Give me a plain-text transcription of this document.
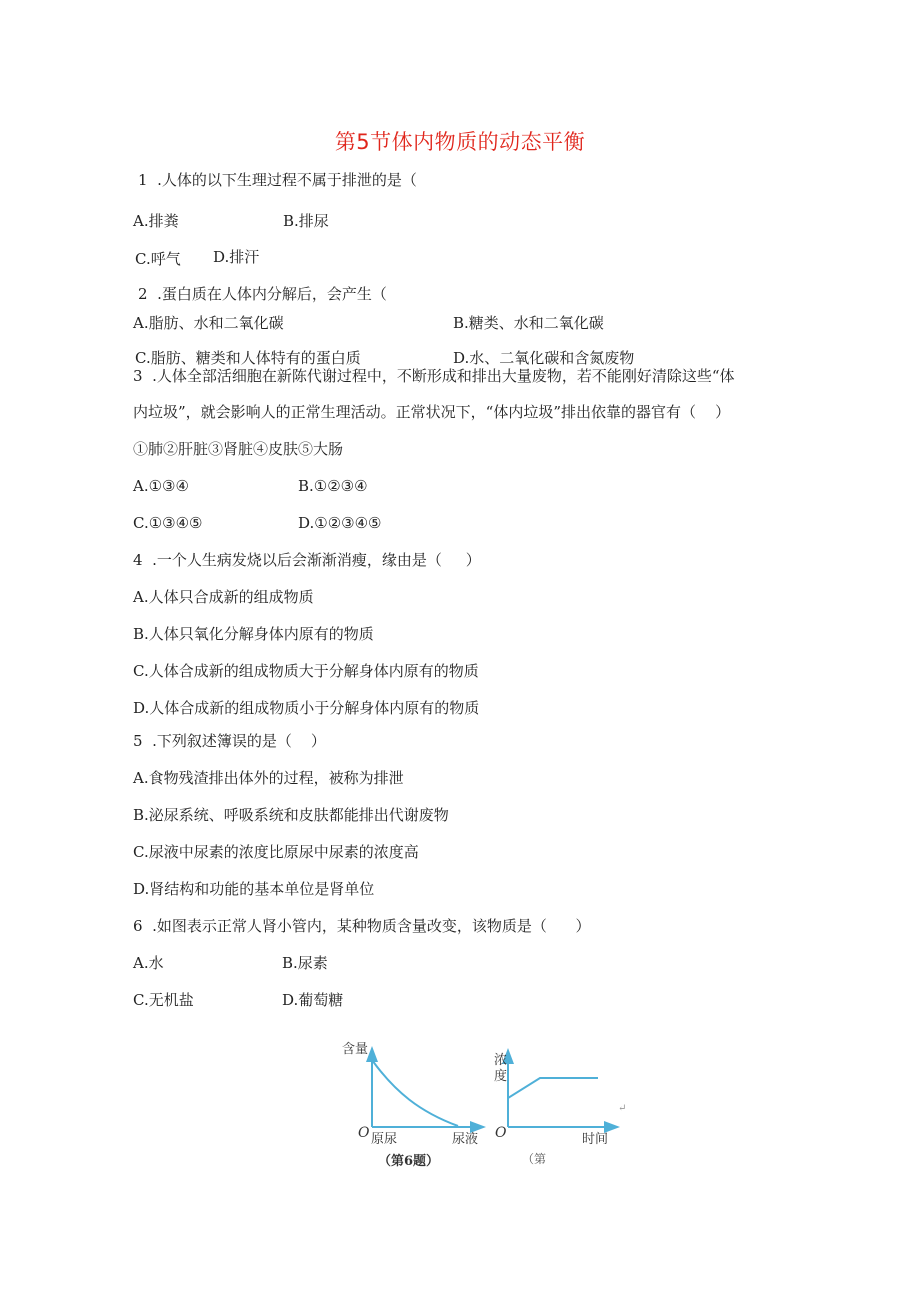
第5节体内物质的动态平衡
1  .人体的以下生理过程不属于排泄的是（
A.排粪	B.排尿
C.呼气 D.排汗
2  .蛋白质在人体内分解后，会产生（
A.脂肪、水和二氧化碳	B.糖类、水和二氧化碳
C.脂肪、糖类和人体特有的蛋白质	D.水、二氧化碳和含氮废物
3  .人体全部活细胞在新陈代谢过程中，不断形成和排出大量废物，若不能刚好清除这些“体
内垃圾”，就会影响人的正常生理活动。正常状况下，“体内垃圾”排出依靠的器官有（    ）
①肺②肝脏③肾脏④皮肤⑤大肠
A.①③④	B.①②③④
C.①③④⑤	D.①②③④⑤
4  .一个人生病发烧以后会渐渐消瘦，缘由是（     ）
A.人体只合成新的组成物质
B.人体只氧化分解身体内原有的物质
C.人体合成新的组成物质大于分解身体内原有的物质
D.人体合成新的组成物质小于分解身体内原有的物质
5  .下列叙述簿误的是（    ）
A.食物残渣排出体外的过程，被称为排泄
B.泌尿系统、呼吸系统和皮肤都能排出代谢废物
C.尿液中尿素的浓度比原尿中尿素的浓度高
D.肾结构和功能的基本单位是肾单位
6  .如图表示正常人肾小管内，某种物质含量改变，该物质是（      ）
A.水	B.尿素
C.无机盐	D.葡萄糖
含量
O 原尿	尿液
（第6题）
浓 度
O	时间
（第
↵
